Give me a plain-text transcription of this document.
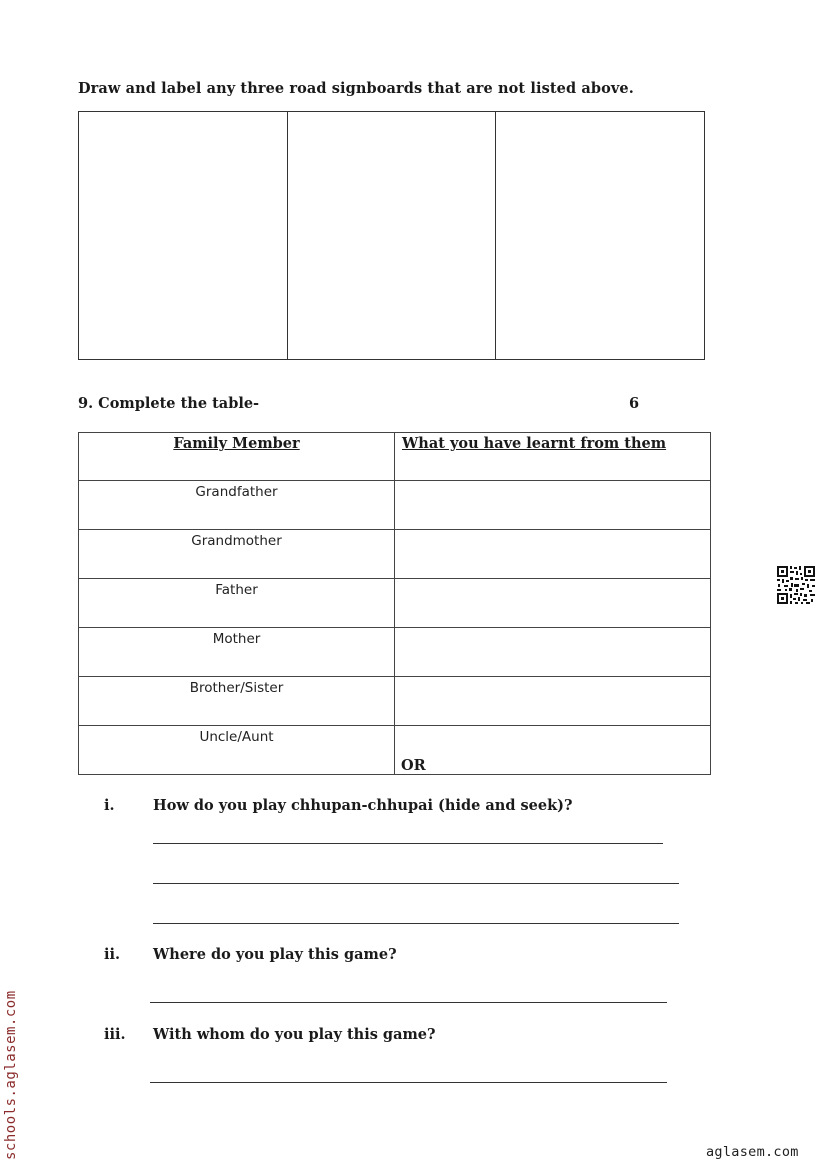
Draw and label any three road signboards that are not listed above.

9. Complete the table-	6
Family Member	What you have learnt from them
Grandfather	
Grandmother	
Father	
Mother	
Brother/Sister	
Uncle/Aunt	
OR
i.	How do you play chhupan-chhupai (hide and seek)?
ii. Where do you play this game?
iii. With whom do you play this game?
schools.aglasem.com	aglasem.com
